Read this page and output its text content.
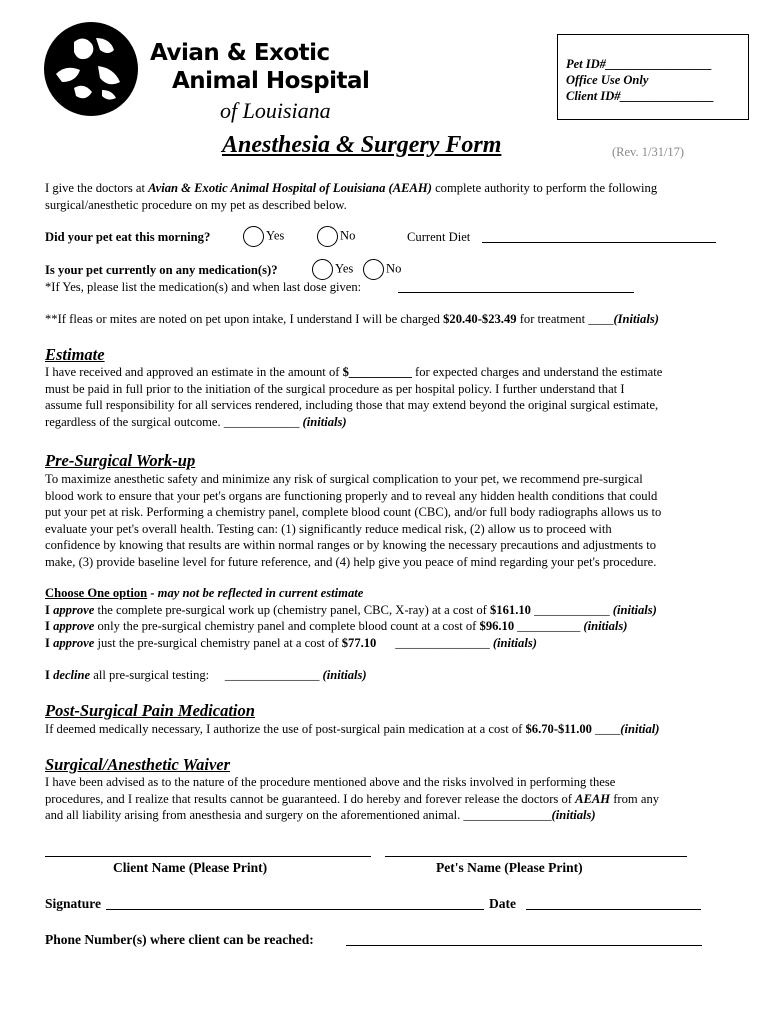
Avian & Exotic
Animal Hospital
of Louisiana
Pet ID#_________________
Office Use Only
Client ID#_______________
Anesthesia & Surgery Form	(Rev. 1/31/17)
I give the doctors at Avian & Exotic Animal Hospital of Louisiana (AEAH) complete authority to perform the following
surgical/anesthetic procedure on my pet as described below.
Did your pet eat this morning?	Yes	No	Current Diet
Is your pet currently on any medication(s)?	Yes	No
*If Yes, please list the medication(s) and when last dose given:
**If fleas or mites are noted on pet upon intake, I understand I will be charged $20.40-$23.49 for treatment ____(Initials)
Estimate
I have received and approved an estimate in the amount of $__________ for expected charges and understand the estimate
must be paid in full prior to the initiation of the surgical procedure as per hospital policy. I further understand that I
assume full responsibility for all services rendered, including those that may extend beyond the original surgical estimate,
regardless of the surgical outcome. ____________ (initials)
Pre-Surgical Work-up
To maximize anesthetic safety and minimize any risk of surgical complication to your pet, we recommend pre-surgical
blood work to ensure that your pet's organs are functioning properly and to reveal any hidden health conditions that could
put your pet at risk. Performing a chemistry panel, complete blood count (CBC), and/or full body radiographs allows us to
evaluate your pet's overall health. Testing can: (1) significantly reduce medical risk, (2) allow us to proceed with
confidence by knowing that results are within normal ranges or by knowing the necessary precautions and adjustments to
make, (3) provide baseline level for future reference, and (4) help give you peace of mind regarding your pet's procedure.
Choose One option - may not be reflected in current estimate
I approve the complete pre-surgical work up (chemistry panel, CBC, X-ray) at a cost of $161.10 ____________ (initials)
I approve only the pre-surgical chemistry panel and complete blood count at a cost of $96.10 __________ (initials)
I approve just the pre-surgical chemistry panel at a cost of $77.10      _______________ (initials)
I decline all pre-surgical testing:     _______________ (initials)
Post-Surgical Pain Medication
If deemed medically necessary, I authorize the use of post-surgical pain medication at a cost of $6.70-$11.00 ____(initial)
Surgical/Anesthetic Waiver
I have been advised as to the nature of the procedure mentioned above and the risks involved in performing these
procedures, and I realize that results cannot be guaranteed. I do hereby and forever release the doctors of AEAH from any
and all liability arising from anesthesia and surgery on the aforementioned animal. ______________(initials)
Client Name (Please Print)	Pet's Name (Please Print)
Signature	Date
Phone Number(s) where client can be reached:
